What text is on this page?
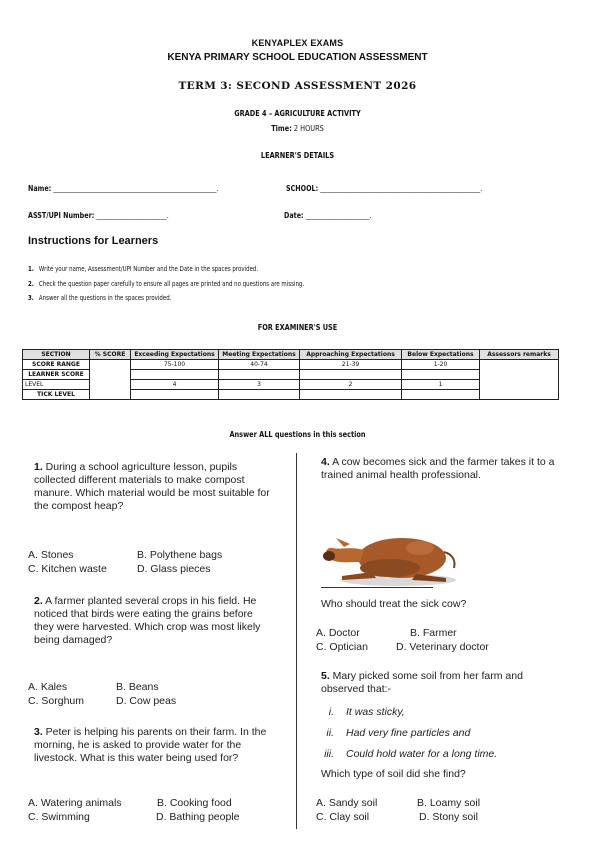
KENYAPLEX EXAMS
KENYA PRIMARY SCHOOL EDUCATION ASSESSMENT
TERM 3: SECOND ASSESSMENT 2026
GRADE 4 – AGRICULTURE ACTIVITY
Time: 2 HOURS
LEARNER'S DETAILS
Name: ___________________________________________________.	SCHOOL: __________________________________________________.
ASST/UPI Number: ______________________.	Date: ____________________.
Instructions for Learners
1. Write your name, Assessment/UPI Number and the Date in the spaces provided.
2. Check the question paper carefully to ensure all pages are printed and no questions are missing.
3. Answer all the questions in the spaces provided.
FOR EXAMINER'S USE
SECTION	% SCORE	Exceeding Expectations	Meeting Expectations	Approaching Expectations	Below Expectations	Assessors remarks
SCORE RANGE		75-100	40-74	21-39	1-20	
LEARNER SCORE						
LEVEL		4	3	2	1	
TICK LEVEL						
Answer ALL questions in this section
1. During a school agriculture lesson, pupils collected different materials to make compost manure. Which material would be most suitable for the compost heap?
A. Stones	B. Polythene bags
C. Kitchen waste	D. Glass pieces
2. A farmer planted several crops in his field. He noticed that birds were eating the grains before they were harvested. Which crop was most likely being damaged?
A. Kales	B. Beans
C. Sorghum	D. Cow peas
3. Peter is helping his parents on their farm. In the morning, he is asked to provide water for the livestock. What is this water being used for?
A. Watering animals	B. Cooking food
C. Swimming	D. Bathing people
4. A cow becomes sick and the farmer takes it to a trained animal health professional.
Who should treat the sick cow?
A. Doctor	B. Farmer
C. Optician	D. Veterinary doctor
5. Mary picked some soil from her farm and observed that:-
i. It was sticky,
ii. Had very fine particles and
iii. Could hold water for a long time.
Which type of soil did she find?
A. Sandy soil	B. Loamy soil
C. Clay soil	D. Stony soil
